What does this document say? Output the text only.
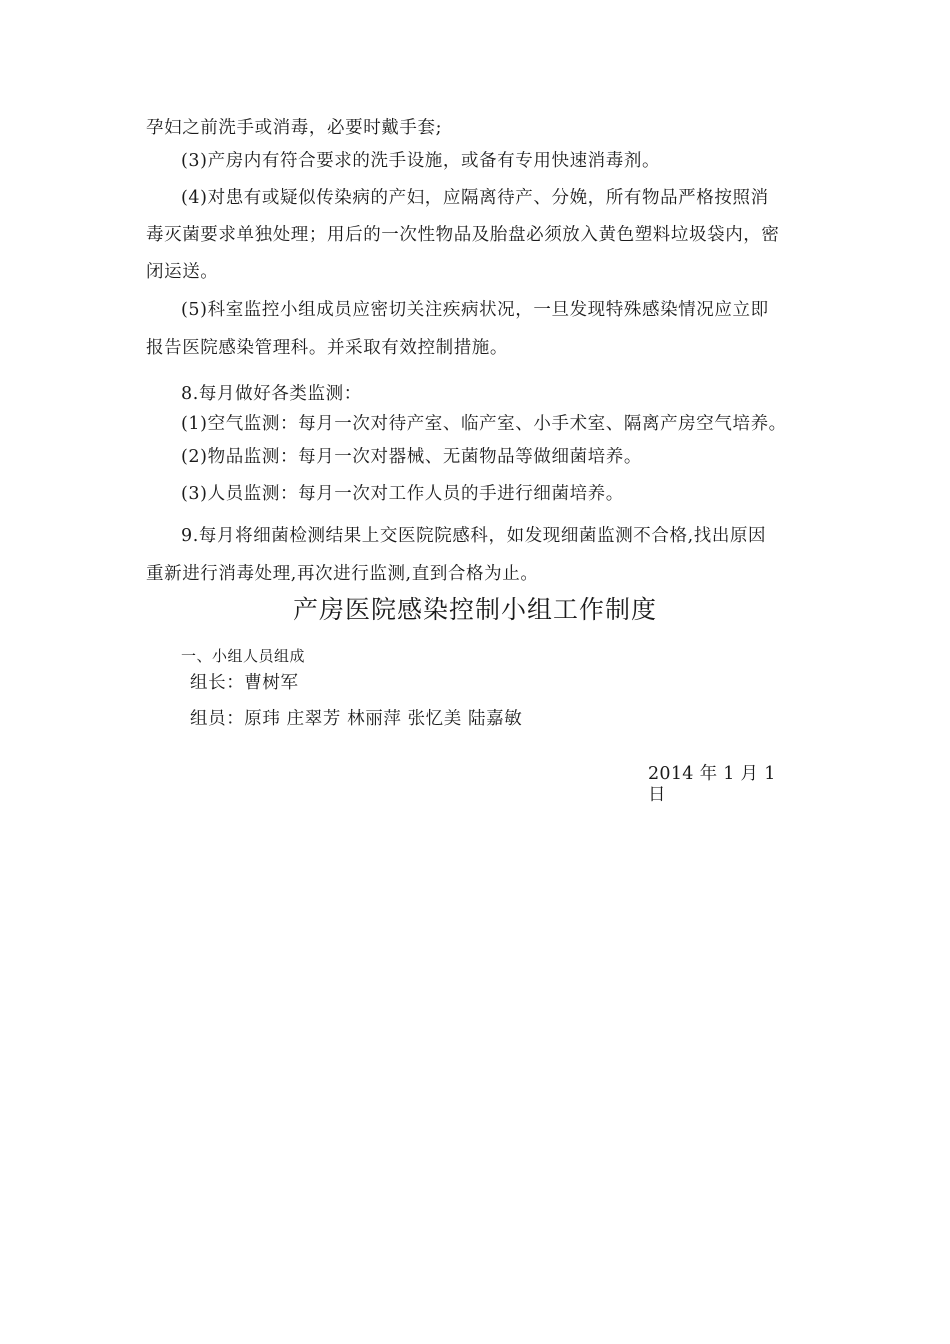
孕妇之前洗手或消毒，必要时戴手套;
(3)产房内有符合要求的洗手设施，或备有专用快速消毒剂。
(4)对患有或疑似传染病的产妇，应隔离待产、分娩，所有物品严格按照消
毒灭菌要求单独处理；用后的一次性物品及胎盘必须放入黄色塑料垃圾袋内，密
闭运送。
(5)科室监控小组成员应密切关注疾病状况，一旦发现特殊感染情况应立即
报告医院感染管理科。并采取有效控制措施。
8.每月做好各类监测：
(1)空气监测：每月一次对待产室、临产室、小手术室、隔离产房空气培养。
(2)物品监测：每月一次对器械、无菌物品等做细菌培养。
(3)人员监测：每月一次对工作人员的手进行细菌培养。
9.每月将细菌检测结果上交医院院感科，如发现细菌监测不合格,找出原因
重新进行消毒处理,再次进行监测,直到合格为止。
产房医院感染控制小组工作制度
一、小组人员组成
组长：曹树军
组员：原玮 庄翠芳 林丽萍 张忆美 陆嘉敏
2014 年 1 月 1
日
